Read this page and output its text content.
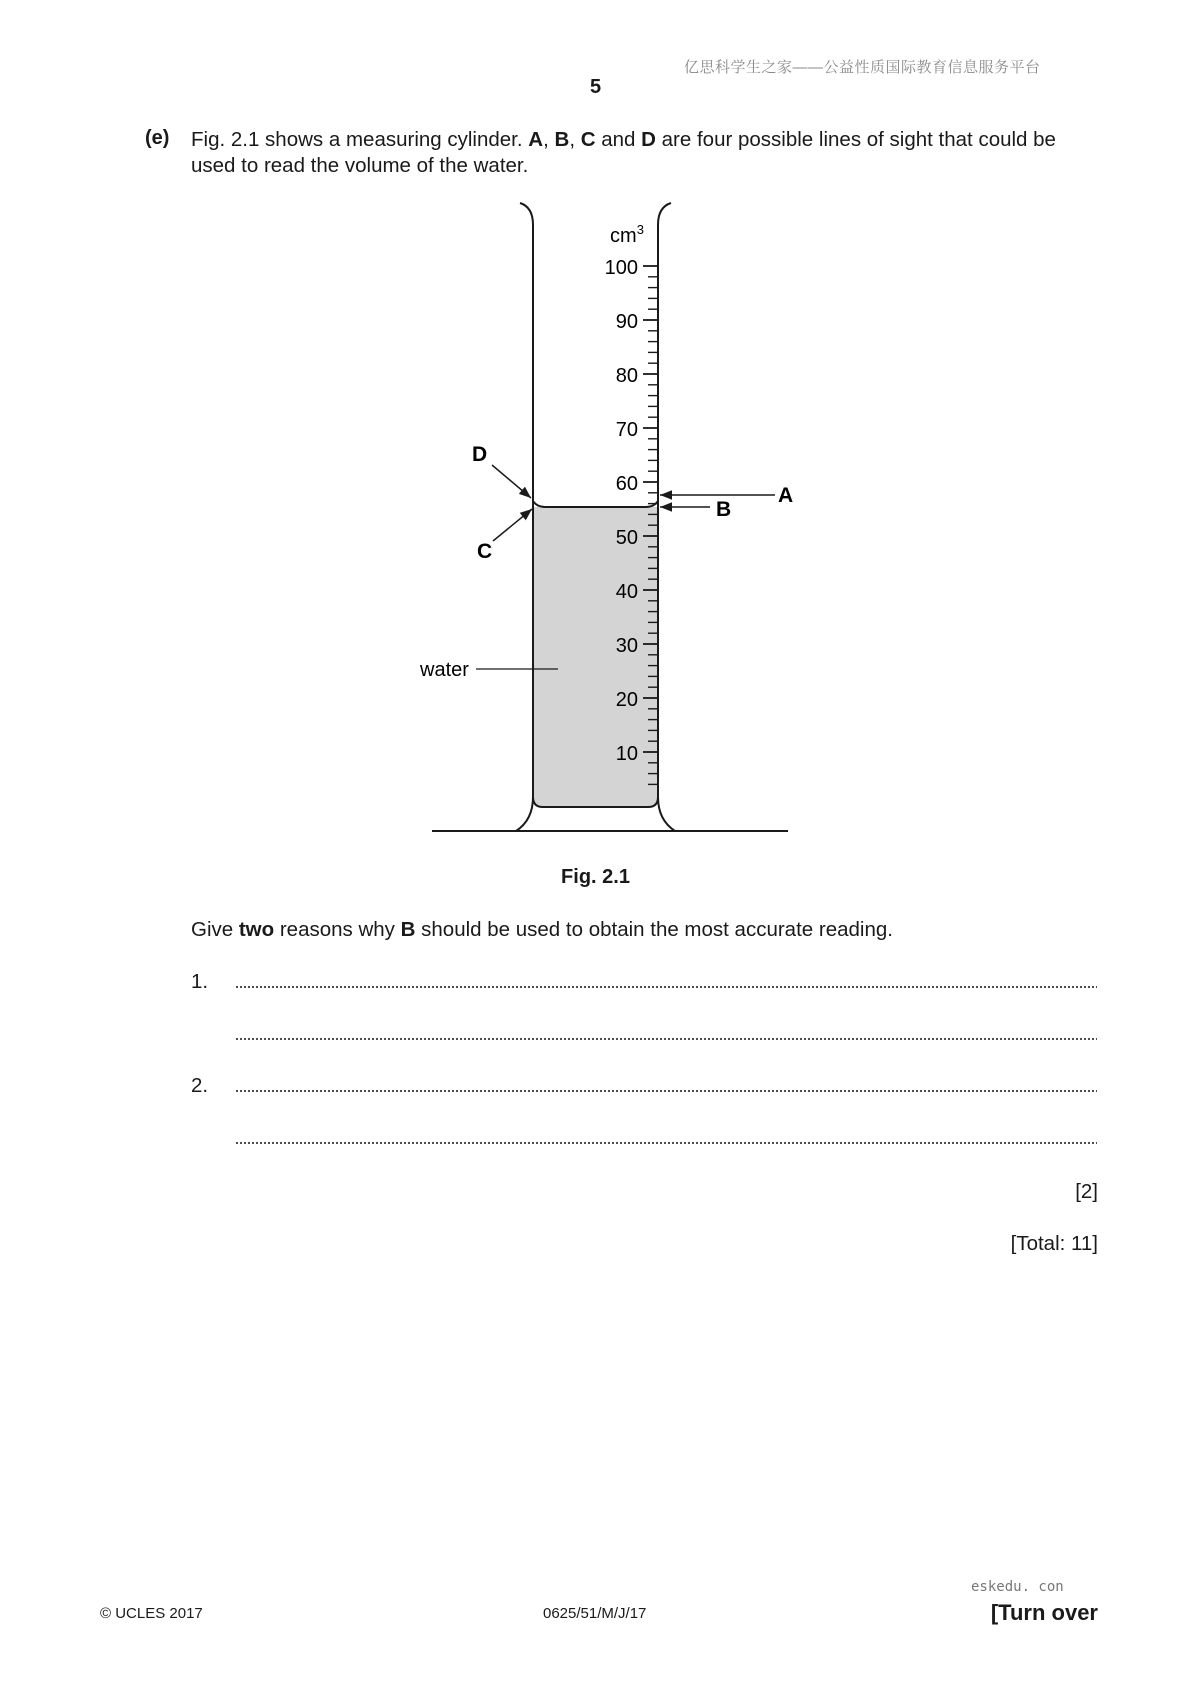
亿思科学生之家——公益性质国际教育信息服务平台
5
(e) Fig. 2.1 shows a measuring cylinder. A, B, C and D are four possible lines of sight that could be used to read the volume of the water.
$cm^3$
100
90
80
70
60
50
40
30
20
10
A
B
D
C
water
Fig. 2.1
Give two reasons why B should be used to obtain the most accurate reading.
1.
2.
[2]
[Total: 11]
© UCLES 2017	0625/51/M/J/17
eskedu. con
[Turn over
